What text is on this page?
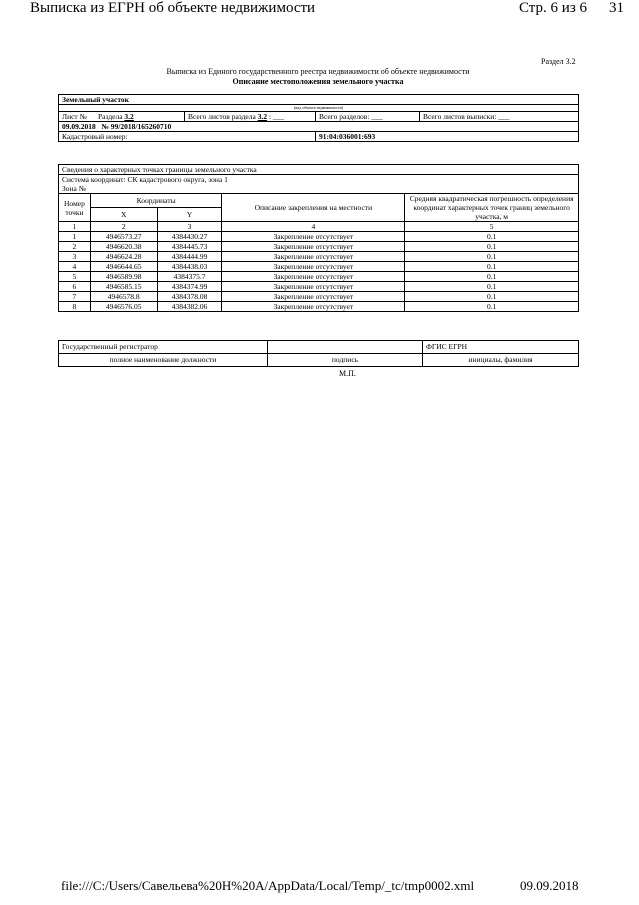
Выписка из ЕГРН об объекте недвижимости	Стр. 6 из 6 31
Раздел 3.2
Выписка из Единого государственного реестра недвижимости об объекте недвижимости
Описание местоположения земельного участка
Земельный участок			
(вид объекта недвижимости)			
Лист № Раздела 3.2	Всего листов раздела 3.2 : ___	Всего разделов: ___	Всего листов выписки: ___
09.09.2018 № 99/2018/165260710			
Кадастровый номер:		91:04:036001:693	
Сведения о характерных точках границы земельного участка				

Система координат: СК кадастрового округа, зона 1
Зона №				

Номер точки	Координаты		Описание закрепления на местности	Средняя квадратическая погрешность определения координат характерных точек границ земельного участка, м
	X	Y		
1	2	3	4	5
1	4946573.27	4384430.27	Закрепление отсутствует	0.1
2	4946620.38	4384445.73	Закрепление отсутствует	0.1
3	4946624.28	4384444.99	Закрепление отсутствует	0.1
4	4946644.65	4384438.03	Закрепление отсутствует	0.1
5	4946589.98	4384375.7	Закрепление отсутствует	0.1
6	4946585.15	4384374.99	Закрепление отсутствует	0.1
7	4946578.8	4384378.08	Закрепление отсутствует	0.1
8	4946576.05	4384382.06	Закрепление отсутствует	0.1
Государственный регистратор		ФГИС ЕГРН
полное наименование должности	подпись	инициалы, фамилия
М.П.
file:///C:/Users/Савельева%20Н%20А/AppData/Local/Temp/_tc/tmp0002.xml	09.09.2018
